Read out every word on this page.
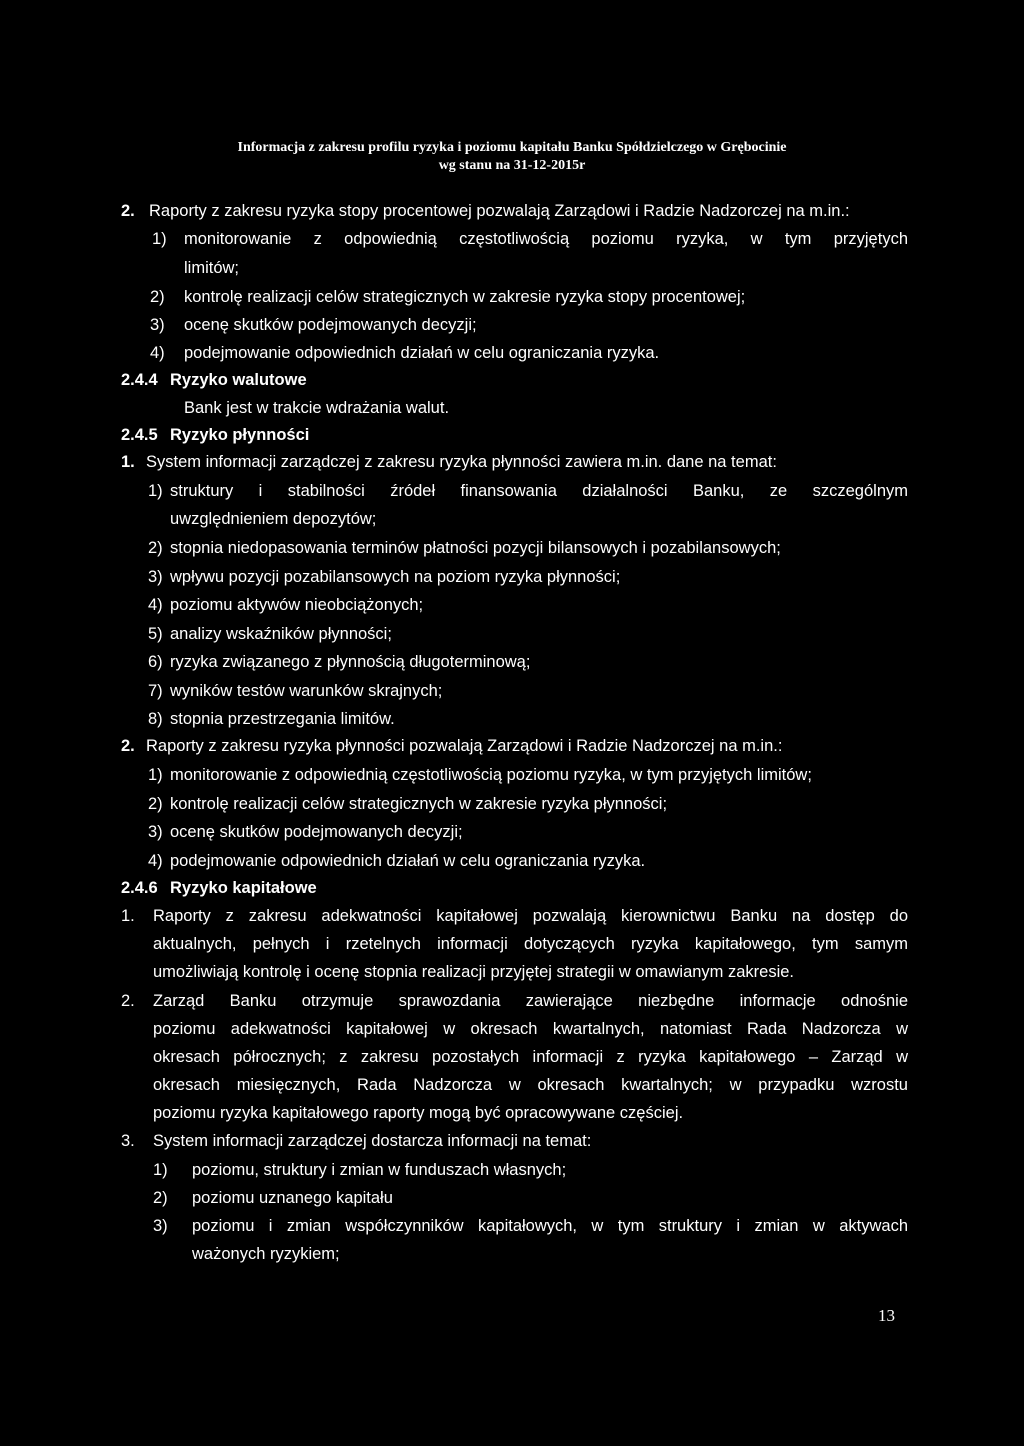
Informacja z zakresu profilu ryzyka i poziomu kapitału Banku Spółdzielczego w Grębocinie
wg stanu na 31-12-2015r
2. Raporty z zakresu ryzyka stopy procentowej pozwalają Zarządowi i Radzie Nadzorczej na m.in.:
1) monitorowanie z odpowiednią częstotliwością poziomu ryzyka, w tym przyjętych
limitów;
2) kontrolę realizacji celów strategicznych w zakresie ryzyka stopy procentowej;
3) ocenę skutków podejmowanych decyzji;
4) podejmowanie odpowiednich działań w celu ograniczania ryzyka.
2.4.4 Ryzyko walutowe
Bank jest w trakcie wdrażania walut.
2.4.5 Ryzyko płynności
1. System informacji zarządczej z zakresu ryzyka płynności zawiera m.in. dane na temat:
1) struktury i stabilności źródeł finansowania działalności Banku, ze szczególnym
uwzględnieniem depozytów;
2) stopnia niedopasowania terminów płatności pozycji bilansowych i pozabilansowych;
3) wpływu pozycji pozabilansowych na poziom ryzyka płynności;
4) poziomu aktywów nieobciążonych;
5) analizy wskaźników płynności;
6) ryzyka związanego z płynnością długoterminową;
7) wyników testów warunków skrajnych;
8) stopnia przestrzegania limitów.
2. Raporty z zakresu ryzyka płynności pozwalają Zarządowi i Radzie Nadzorczej na m.in.:
1) monitorowanie z odpowiednią częstotliwością poziomu ryzyka, w tym przyjętych limitów;
2) kontrolę realizacji celów strategicznych w zakresie ryzyka płynności;
3) ocenę skutków podejmowanych decyzji;
4) podejmowanie odpowiednich działań w celu ograniczania ryzyka.
2.4.6 Ryzyko kapitałowe
1. Raporty z zakresu adekwatności kapitałowej pozwalają kierownictwu Banku na dostęp do
aktualnych, pełnych i rzetelnych informacji dotyczących ryzyka kapitałowego, tym samym
umożliwiają kontrolę i ocenę stopnia realizacji przyjętej strategii w omawianym zakresie.
2. Zarząd Banku otrzymuje sprawozdania zawierające niezbędne informacje odnośnie
poziomu adekwatności kapitałowej w okresach kwartalnych, natomiast Rada Nadzorcza w
okresach półrocznych; z zakresu pozostałych informacji z ryzyka kapitałowego – Zarząd w
okresach miesięcznych, Rada Nadzorcza w okresach kwartalnych; w przypadku wzrostu
poziomu ryzyka kapitałowego raporty mogą być opracowywane częściej.
3. System informacji zarządczej dostarcza informacji na temat:
1) poziomu, struktury i zmian w funduszach własnych;
2) poziomu uznanego kapitału
3) poziomu i zmian współczynników kapitałowych, w tym struktury i zmian w aktywach
ważonych ryzykiem;
13
